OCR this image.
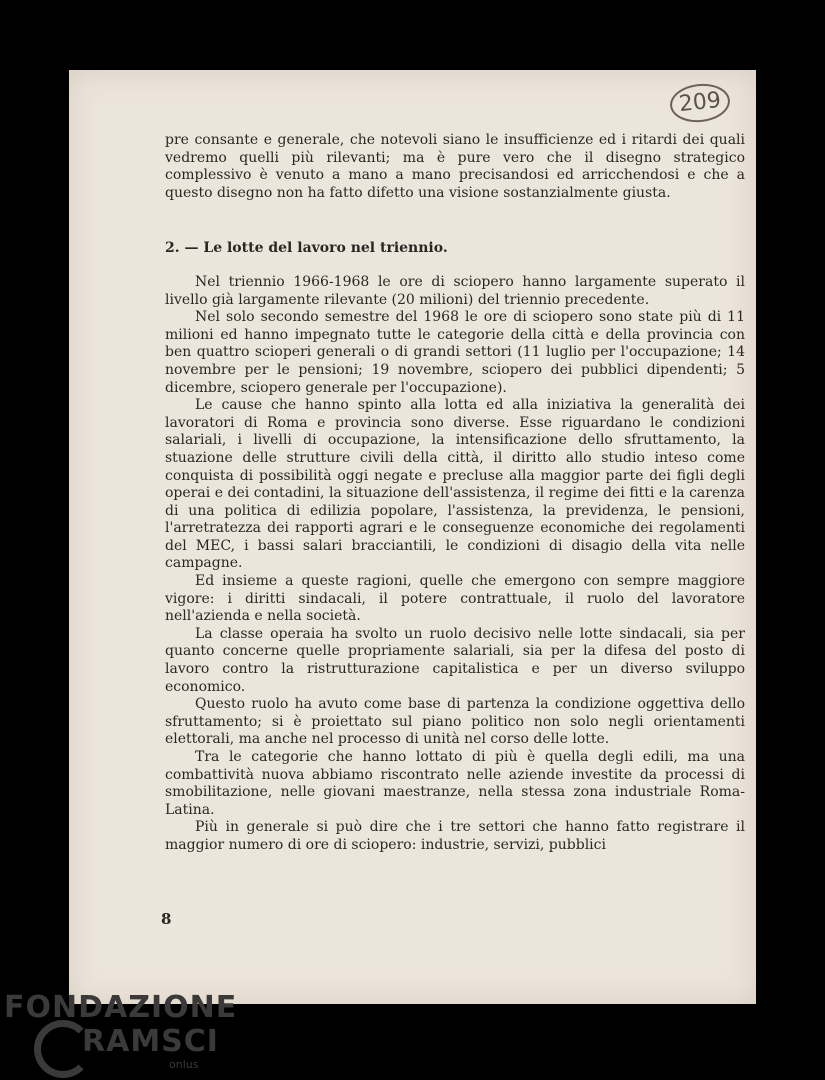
209

pre consante e generale, che notevoli siano le insufficienze ed i ritardi dei quali vedremo quelli più rilevanti; ma è pure vero che il disegno strategico complessivo è venuto a mano a mano precisandosi ed arricchendosi e che a questo disegno non ha fatto difetto una visione sostanzialmente giusta.

2. — Le lotte del lavoro nel triennio.

Nel triennio 1966-1968 le ore di sciopero hanno largamente superato il livello già largamente rilevante (20 milioni) del triennio precedente.

Nel solo secondo semestre del 1968 le ore di sciopero sono state più di 11 milioni ed hanno impegnato tutte le categorie della città e della provincia con ben quattro scioperi generali o di grandi settori (11 luglio per l'occupazione; 14 novembre per le pensioni; 19 novembre, sciopero dei pubblici dipendenti; 5 dicembre, sciopero generale per l'occupazione).

Le cause che hanno spinto alla lotta ed alla iniziativa la generalità dei lavoratori di Roma e provincia sono diverse. Esse riguardano le condizioni salariali, i livelli di occupazione, la intensificazione dello sfruttamento, la stuazione delle strutture civili della città, il diritto allo studio inteso come conquista di possibilità oggi negate e precluse alla maggior parte dei figli degli operai e dei contadini, la situazione dell'assistenza, il regime dei fitti e la carenza di una politica di edilizia popolare, l'assistenza, la previdenza, le pensioni, l'arretratezza dei rapporti agrari e le conseguenze economiche dei regolamenti del MEC, i bassi salari bracciantili, le condizioni di disagio della vita nelle campagne.

Ed insieme a queste ragioni, quelle che emergono con sempre maggiore vigore: i diritti sindacali, il potere contrattuale, il ruolo del lavoratore nell'azienda e nella società.

La classe operaia ha svolto un ruolo decisivo nelle lotte sindacali, sia per quanto concerne quelle propriamente salariali, sia per la difesa del posto di lavoro contro la ristrutturazione capitalistica e per un diverso sviluppo economico.

Questo ruolo ha avuto come base di partenza la condizione oggettiva dello sfruttamento; si è proiettato sul piano politico non solo negli orientamenti elettorali, ma anche nel processo di unità nel corso delle lotte.

Tra le categorie che hanno lottato di più è quella degli edili, ma una combattività nuova abbiamo riscontrato nelle aziende investite da processi di smobilitazione, nelle giovani maestranze, nella stessa zona industriale Roma-Latina.

Più in generale si può dire che i tre settori che hanno fatto registrare il maggior numero di ore di sciopero: industrie, servizi, pubblici

8
FONDAZIONE
RAMSCI
onlus
